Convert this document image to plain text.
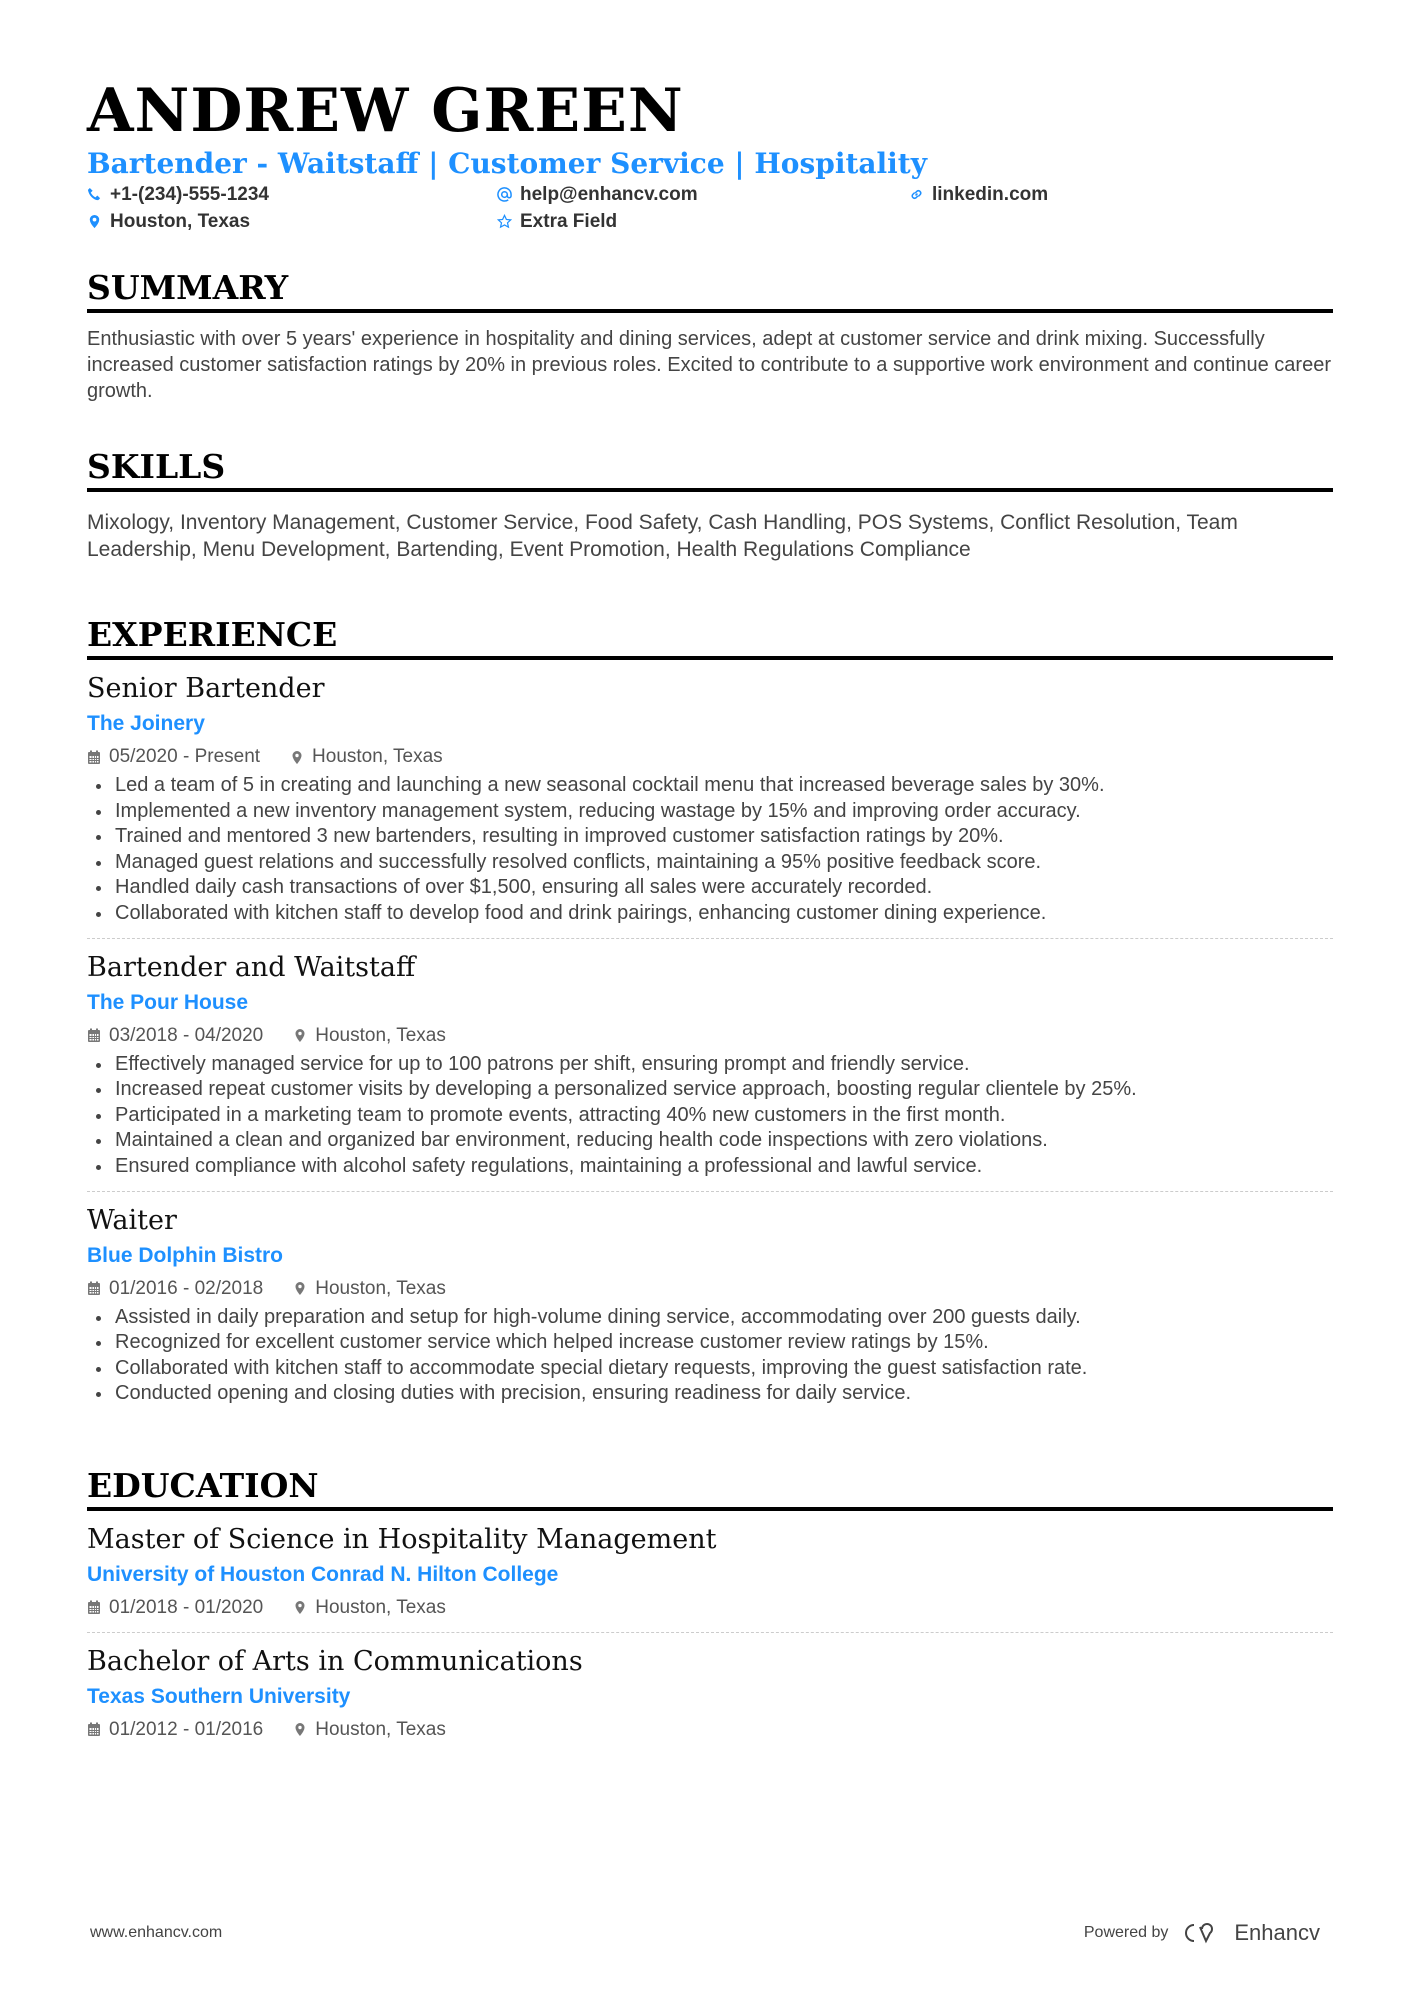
ANDREW GREEN
Bartender - Waitstaff | Customer Service | Hospitality
+1-(234)-555-1234	help@enhancv.com	linkedin.com
Houston, Texas	Extra Field
SUMMARY
Enthusiastic with over 5 years' experience in hospitality and dining services, adept at customer service and drink mixing. Successfully increased customer satisfaction ratings by 20% in previous roles. Excited to contribute to a supportive work environment and continue career growth.
SKILLS
Mixology, Inventory Management, Customer Service, Food Safety, Cash Handling, POS Systems, Conflict Resolution, Team Leadership, Menu Development, Bartending, Event Promotion, Health Regulations Compliance
EXPERIENCE
Senior Bartender
The Joinery
05/2020 - Present	Houston, Texas
Led a team of 5 in creating and launching a new seasonal cocktail menu that increased beverage sales by 30%.
Implemented a new inventory management system, reducing wastage by 15% and improving order accuracy.
Trained and mentored 3 new bartenders, resulting in improved customer satisfaction ratings by 20%.
Managed guest relations and successfully resolved conflicts, maintaining a 95% positive feedback score.
Handled daily cash transactions of over $1,500, ensuring all sales were accurately recorded.
Collaborated with kitchen staff to develop food and drink pairings, enhancing customer dining experience.
Bartender and Waitstaff
The Pour House
03/2018 - 04/2020	Houston, Texas
Effectively managed service for up to 100 patrons per shift, ensuring prompt and friendly service.
Increased repeat customer visits by developing a personalized service approach, boosting regular clientele by 25%.
Participated in a marketing team to promote events, attracting 40% new customers in the first month.
Maintained a clean and organized bar environment, reducing health code inspections with zero violations.
Ensured compliance with alcohol safety regulations, maintaining a professional and lawful service.
Waiter
Blue Dolphin Bistro
01/2016 - 02/2018	Houston, Texas
Assisted in daily preparation and setup for high-volume dining service, accommodating over 200 guests daily.
Recognized for excellent customer service which helped increase customer review ratings by 15%.
Collaborated with kitchen staff to accommodate special dietary requests, improving the guest satisfaction rate.
Conducted opening and closing duties with precision, ensuring readiness for daily service.
EDUCATION
Master of Science in Hospitality Management
University of Houston Conrad N. Hilton College
01/2018 - 01/2020	Houston, Texas
Bachelor of Arts in Communications
Texas Southern University
01/2012 - 01/2016	Houston, Texas
www.enhancv.com	Powered by	Enhancv
